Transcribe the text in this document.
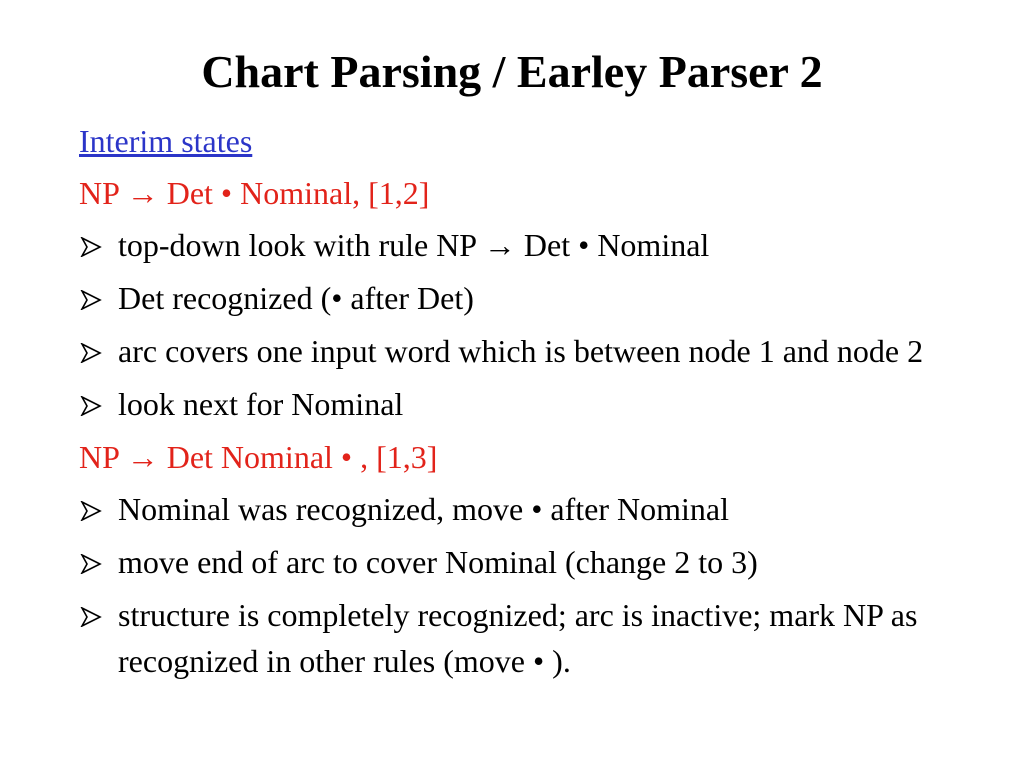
Chart Parsing / Earley Parser 2
Interim states
NP → Det • Nominal, [1,2]
top-down look with rule NP → Det • Nominal
Det recognized (• after Det)
arc covers one input word which is between node 1 and node 2
look next for Nominal
NP → Det Nominal • , [1,3]
Nominal was recognized, move • after Nominal
move end of arc to cover Nominal (change 2 to 3)
structure is completely recognized; arc is inactive; mark NP as recognized in other rules (move • ).
